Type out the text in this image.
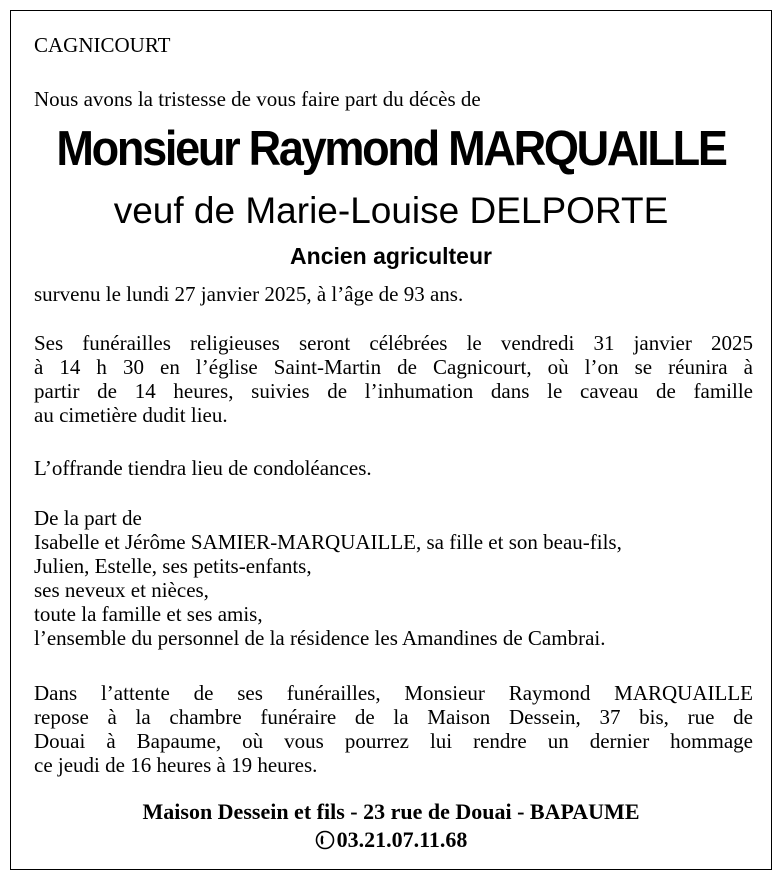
CAGNICOURT
Nous avons la tristesse de vous faire part du décès de
Monsieur Raymond MARQUAILLE
veuf de Marie-Louise DELPORTE
Ancien agriculteur
survenu le lundi 27 janvier 2025, à l’âge de 93 ans.
Ses funérailles religieuses seront célébrées le vendredi 31 janvier 2025
à 14 h 30 en l’église Saint-Martin de Cagnicourt, où l’on se réunira à
partir de 14 heures, suivies de l’inhumation dans le caveau de famille
au cimetière dudit lieu.
L’offrande tiendra lieu de condoléances.
De la part de
Isabelle et Jérôme SAMIER-MARQUAILLE, sa fille et son beau-fils,
Julien, Estelle, ses petits-enfants,
ses neveux et nièces,
toute la famille et ses amis,
l’ensemble du personnel de la résidence les Amandines de Cambrai.
Dans l’attente de ses funérailles, Monsieur Raymond MARQUAILLE
repose à la chambre funéraire de la Maison Dessein, 37 bis, rue de
Douai à Bapaume, où vous pourrez lui rendre un dernier hommage
ce jeudi de 16 heures à 19 heures.
Maison Dessein et fils - 23 rue de Douai - BAPAUME
03.21.07.11.68
